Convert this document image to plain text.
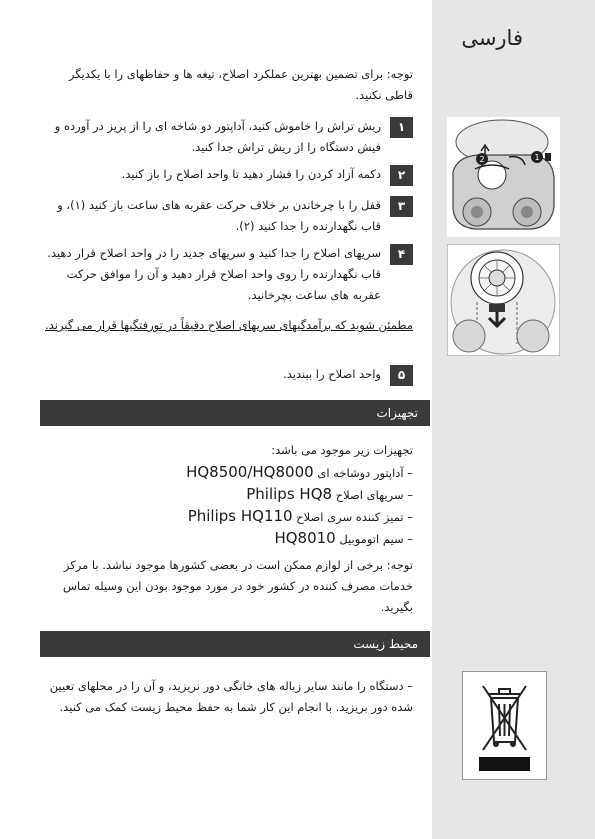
فارسی
توجه: برای تضمین بهترین عملکرد اصلاح، تیغه ها و حفاظهای را با یکدیگر قاطی نکنید.
١
ریش تراش را خاموش کنید، آداپتور دو شاخه ای را از پریز در آورده و فیش دستگاه را از ریش تراش جدا کنید.
٢
دکمه آزاد کردن را فشار دهید تا واحد اصلاح را باز کنید.
٣
قفل را با چرخاندن بر خلاف حرکت عقربه های ساعت باز کنید (١)، و قاب نگهدارنده را جدا کنید (٢).
۴
سریهای اصلاح را جدا کنید و سریهای جدید را در واحد اصلاح قرار دهید. قاب نگهدارنده را روی واحد اصلاح قرار دهید و آن را موافق حرکت عقربه های ساعت بچرخانید.
مطمئن شوید که برآمدگیهای سریهای اصلاح دقیقاً در تورفتگیها قرار می گیرند.
۵
واحد اصلاح را ببندید.
تجهیزات
تجهیزات زیر موجود می باشد:
– آداپتور دوشاخه ای HQ8500/HQ8000
– سریهای اصلاح Philips HQ8
– تمیز کننده سری اصلاح Philips HQ110
– سیم اتوموبیل HQ8010
توجه: برخی از لوازم ممکن است در بعضی کشورها موجود نباشد. با مرکز خدمات مصرف کننده در کشور خود در مورد موجود بودن این وسیله تماس بگیرید.
محیط زیست
– دستگاه را مانند سایر زباله های خانگی دور نریزید، و آن را در محلهای تعیین شده دور بریزید. با انجام این کار شما به حفظ محیط زیست کمک می کنید.
2	1
